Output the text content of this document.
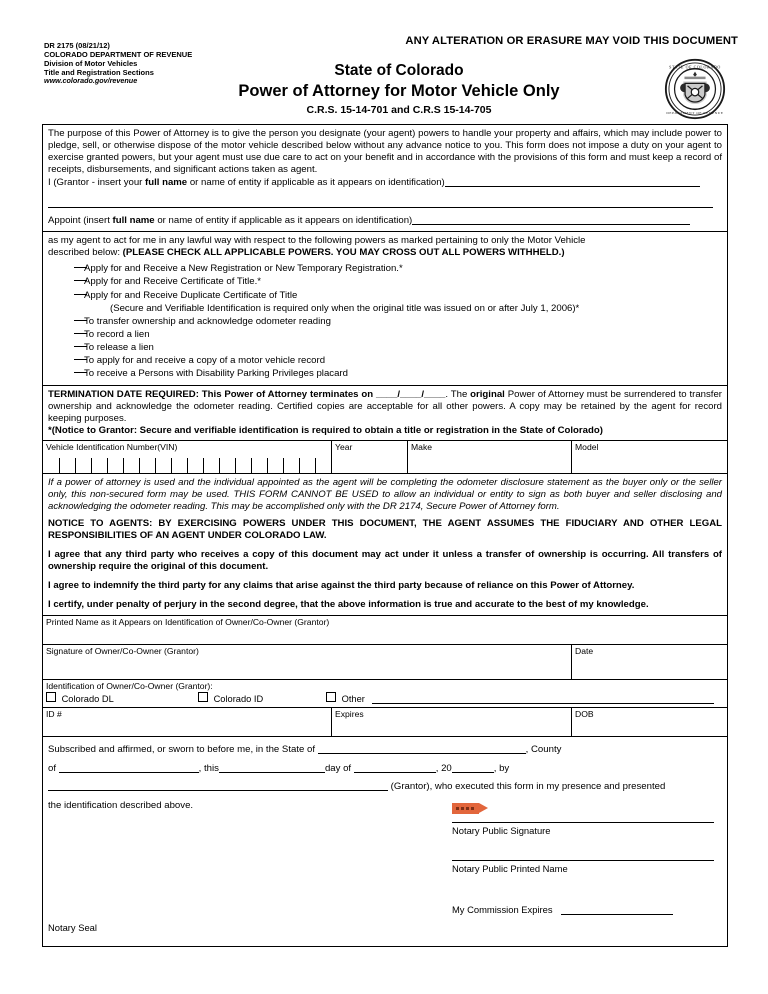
DR 2175 (08/21/12)
COLORADO DEPARTMENT OF REVENUE
Division of Motor Vehicles
Title and Registration Sections
www.colorado.gov/revenue
ANY ALTERATION OR ERASURE MAY VOID THIS DOCUMENT
State of Colorado
Power of Attorney for Motor Vehicle Only
C.R.S. 15-14-701 and C.R.S 15-14-705
STATE OF COLORADO
DEPARTMENT OF REVENUE

The purpose of this Power of Attorney is to give the person you designate (your agent) powers to handle your property and affairs, which may include power to pledge, sell, or otherwise dispose of the motor vehicle described below without any advance notice to you. This form does not impose a duty on your agent to exercise granted powers, but your agent must use due care to act on your benefit and in accordance with the provisions of this form and must keep a record of receipts, disbursements, and significant actions taken as agent.

I (Grantor - insert your full name or name of entity if applicable as it appears on identification)

Appoint (insert full name or name of entity if applicable as it appears on identification)

as my agent to act for me in any lawful way with respect to the following powers as marked pertaining to only the Motor Vehicle

described below: (PLEASE CHECK ALL APPLICABLE POWERS. YOU MAY CROSS OUT ALL POWERS WITHHELD.)

Apply for and Receive a New Registration or New Temporary Registration.*
Apply for and Receive Certificate of Title.*
Apply for and Receive Duplicate Certificate of Title
(Secure and Verifiable Identification is required only when the original title was issued on or after July 1, 2006)*
To transfer ownership and acknowledge odometer reading
To record a lien
To release a lien
To apply for and receive a copy of a motor vehicle record
To receive a Persons with Disability Parking Privileges placard

TERMINATION DATE REQUIRED: This Power of Attorney terminates on ____/____/____. The original Power of Attorney must be surrendered to transfer ownership and acknowledge the odometer reading. Certified copies are acceptable for all other powers. A copy may be retained by the agent for record keeping purposes.

*(Notice to Grantor: Secure and verifiable identification is required to obtain a title or registration in the State of Colorado)

Vehicle Identification Number(VIN)	Year	Make	Model

If a power of attorney is used and the individual appointed as the agent will be completing the odometer disclosure statement as the buyer only or the seller only, this non-secured form may be used. THIS FORM CANNOT BE USED to allow an individual or entity to sign as both buyer and seller disclosing and acknowledging the odometer reading. This may be accomplished only with the DR 2174, Secure Power of Attorney form.

NOTICE TO AGENTS: BY EXERCISING POWERS UNDER THIS DOCUMENT, THE AGENT ASSUMES THE FIDUCIARY AND OTHER LEGAL RESPONSIBILITIES OF AN AGENT UNDER COLORADO LAW.

I agree that any third party who receives a copy of this document may act under it unless a transfer of ownership is occurring. All transfers of ownership require the original of this document.

I agree to indemnify the third party for any claims that arise against the third party because of reliance on this Power of Attorney.

I certify, under penalty of perjury in the second degree, that the above information is true and accurate to the best of my knowledge.

Printed Name as it Appears on Identification of Owner/Co-Owner (Grantor)
Signature of Owner/Co-Owner (Grantor)	Date
Identification of Owner/Co-Owner (Grantor):
Colorado DL	Colorado ID	Other
ID #	Expires	DOB
Subscribed and affirmed, or sworn to before me, in the State of	, County
of	, this	day of	, 20	, by
(Grantor), who executed this form in my presence and presented
the identification described above.
Notary Public Signature
Notary Public Printed Name
My Commission Expires
Notary Seal
